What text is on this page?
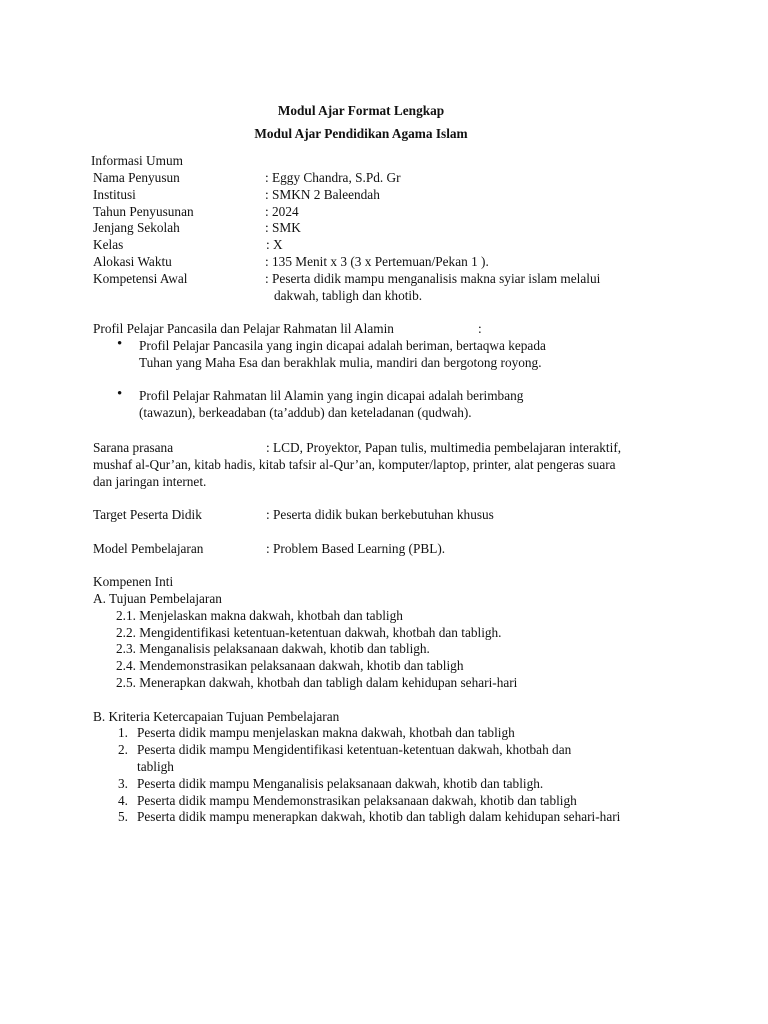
Modul Ajar Format Lengkap
Modul Ajar Pendidikan Agama Islam
Informasi Umum
Nama Penyusun	: Eggy Chandra, S.Pd. Gr
Institusi	: SMKN 2 Baleendah
Tahun Penyusunan	: 2024
Jenjang Sekolah	: SMK
Kelas	: X
Alokasi Waktu	: 135 Menit x 3 (3 x Pertemuan/Pekan 1 ).
Kompetensi Awal	: Peserta didik mampu menganalisis makna syiar islam melalui
dakwah, tabligh dan khotib.
Profil Pelajar Pancasila dan Pelajar Rahmatan lil Alamin	:
• Profil Pelajar Pancasila yang ingin dicapai adalah beriman, bertaqwa kepada
Tuhan yang Maha Esa dan berakhlak mulia, mandiri dan bergotong royong.
• Profil Pelajar Rahmatan lil Alamin yang ingin dicapai adalah berimbang
(tawazun), berkeadaban (ta’addub) dan keteladanan (qudwah).
Sarana prasana	: LCD, Proyektor, Papan tulis, multimedia pembelajaran interaktif,
mushaf al-Qur’an, kitab hadis, kitab tafsir al-Qur’an, komputer/laptop, printer, alat pengeras suara
dan jaringan internet.
Target Peserta Didik	: Peserta didik bukan berkebutuhan khusus
Model Pembelajaran	: Problem Based Learning (PBL).
Kompenen Inti
A. Tujuan Pembelajaran
2.1. Menjelaskan makna dakwah, khotbah dan tabligh
2.2. Mengidentifikasi ketentuan-ketentuan dakwah, khotbah dan tabligh.
2.3. Menganalisis pelaksanaan dakwah, khotib dan tabligh.
2.4. Mendemonstrasikan pelaksanaan dakwah, khotib dan tabligh
2.5. Menerapkan dakwah, khotbah dan tabligh dalam kehidupan sehari-hari
B. Kriteria Ketercapaian Tujuan Pembelajaran
1. Peserta didik mampu menjelaskan makna dakwah, khotbah dan tabligh
2. Peserta didik mampu Mengidentifikasi ketentuan-ketentuan dakwah, khotbah dan
tabligh
3. Peserta didik mampu Menganalisis pelaksanaan dakwah, khotib dan tabligh.
4. Peserta didik mampu Mendemonstrasikan pelaksanaan dakwah, khotib dan tabligh
5. Peserta didik mampu menerapkan dakwah, khotib dan tabligh dalam kehidupan sehari-hari
